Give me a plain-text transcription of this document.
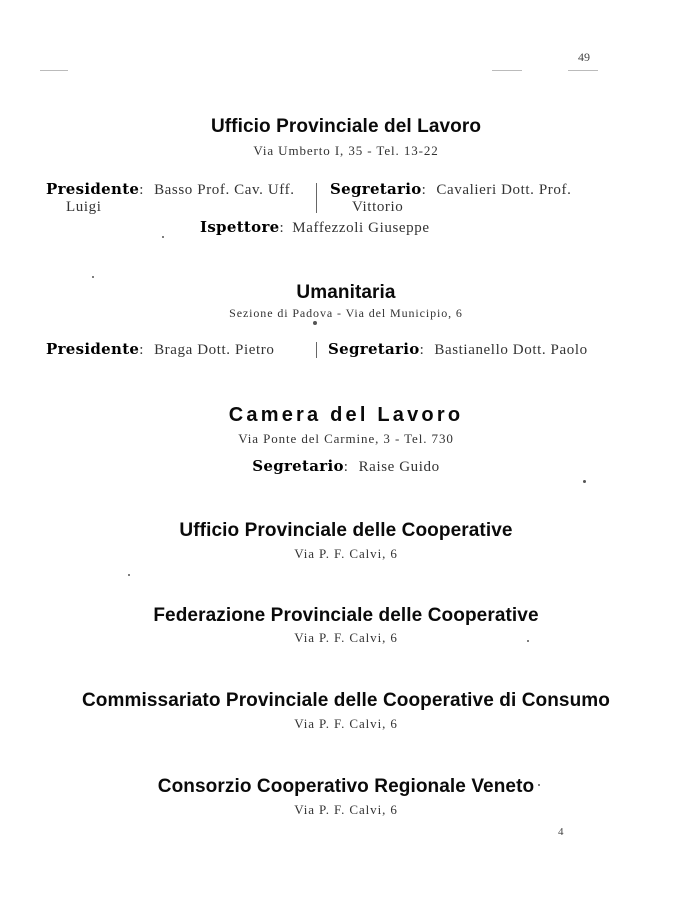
49
Ufficio Provinciale del Lavoro
Via Umberto I, 35 - Tel. 13-22
Presidente: Basso Prof. Cav. Uff.
Luigi
Segretario: Cavalieri Dott. Prof.
Vittorio
Ispettore: Maffezzoli Giuseppe
Umanitaria
Sezione di Padova - Via del Municipio, 6
Presidente: Braga Dott. Pietro	Segretario: Bastianello Dott. Paolo
Camera del Lavoro
Via Ponte del Carmine, 3 - Tel. 730
Segretario: Raise Guido
Ufficio Provinciale delle Cooperative
Via P. F. Calvi, 6
Federazione Provinciale delle Cooperative
Via P. F. Calvi, 6
Commissariato Provinciale delle Cooperative di Consumo
Via P. F. Calvi, 6
Consorzio Cooperativo Regionale Veneto
Via P. F. Calvi, 6
4
